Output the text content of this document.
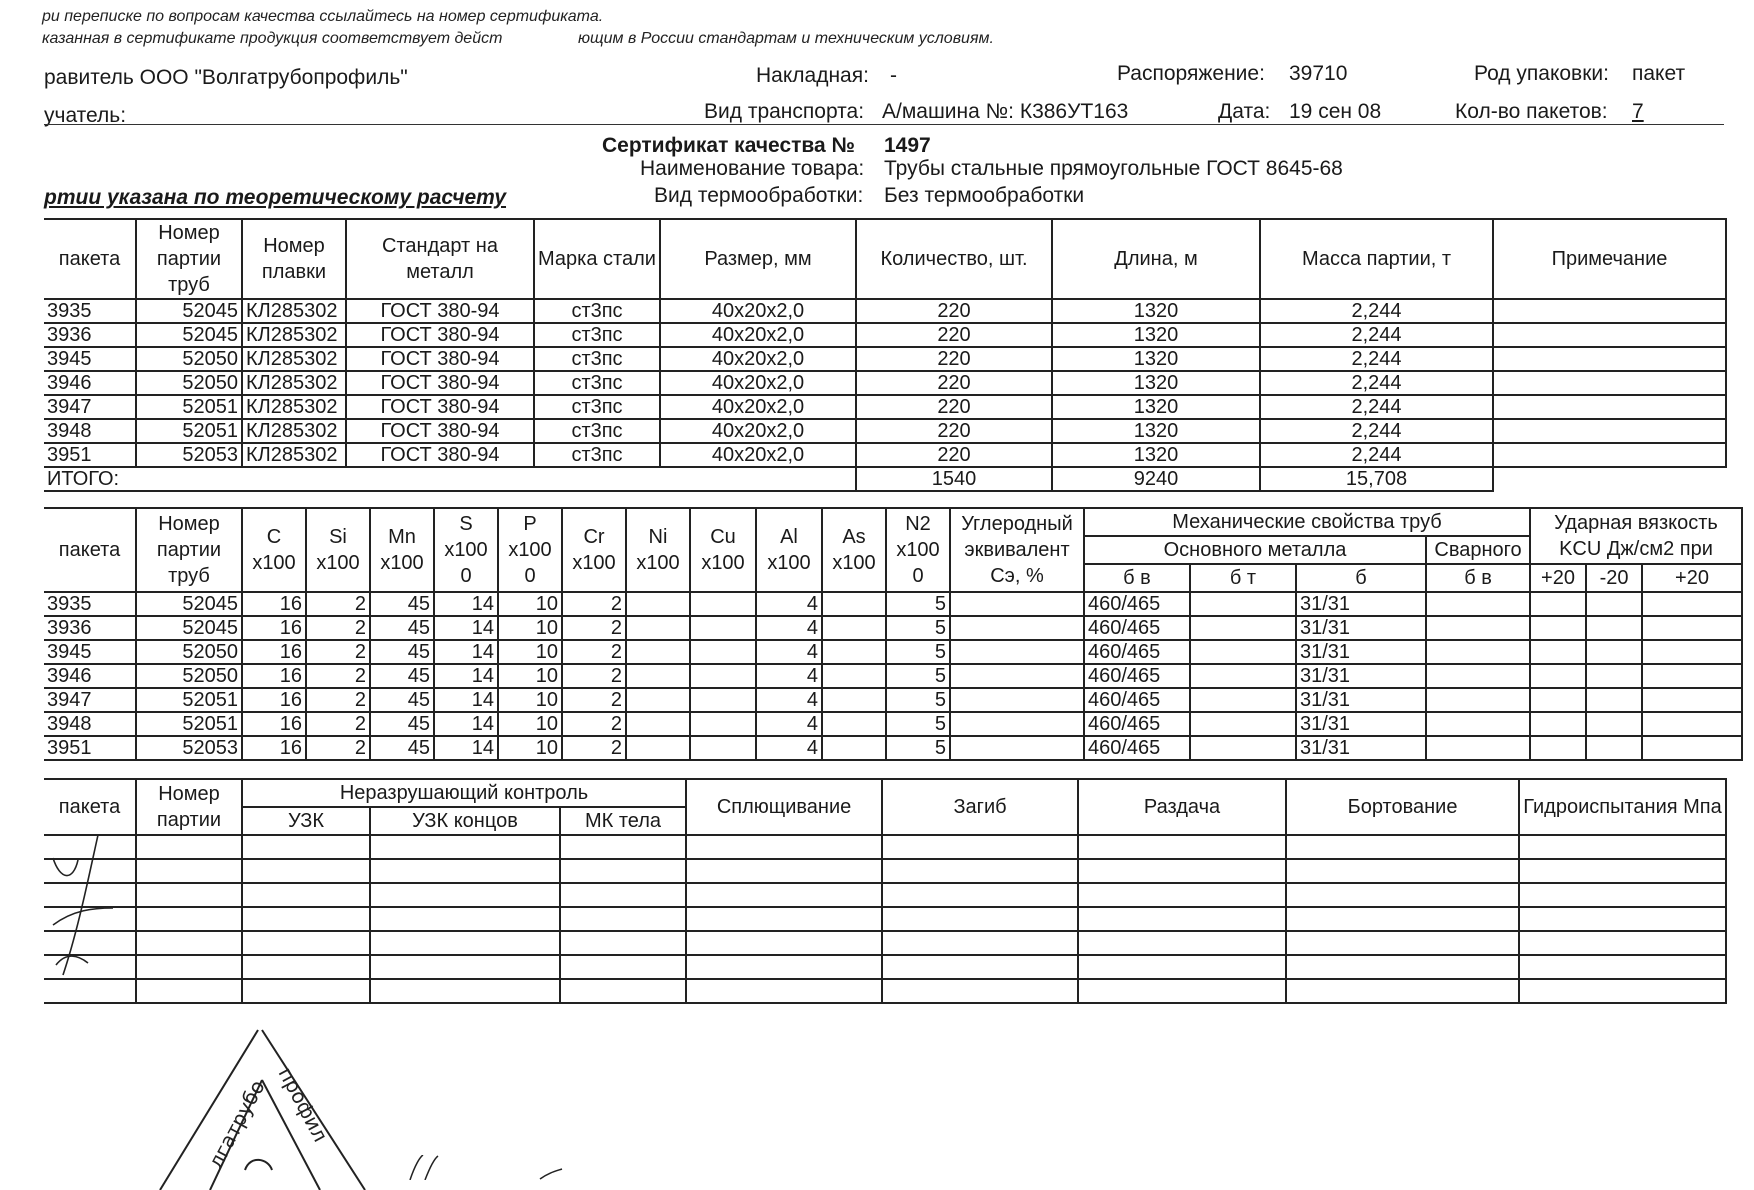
ри переписке по вопросам качества ссылайтесь на номер сертификата.
казанная в сертификате продукция соответствует дейст	ющим в России стандартам и техническим условиям.
равитель ООО "Волгатрубопрофиль"	Накладная: -	Распоряжение: 39710	Род упаковки: пакет
учатель:	Вид транспорта: А/машина №: К386УТ163	Дата: 19 сен 08	Кол-во пакетов: 7
Сертификат качества № 1497
Наименование товара: Трубы стальные прямоугольные ГОСТ 8645-68
Вид термообработки: Без термообработки
ртии указана по теоретическому расчету
пакета	Номер партии труб	Номер плавки	Стандарт на металл	Марка стали	Размер, мм	Количество, шт.	Длина, м	Масса партии, т	Примечание
3935	52045	КЛ285302	ГОСТ 380-94	ст3пс	40х20х2,0	220	1320	2,244	
3936	52045	КЛ285302	ГОСТ 380-94	ст3пс	40х20х2,0	220	1320	2,244	
3945	52050	КЛ285302	ГОСТ 380-94	ст3пс	40х20х2,0	220	1320	2,244	
3946	52050	КЛ285302	ГОСТ 380-94	ст3пс	40х20х2,0	220	1320	2,244	
3947	52051	КЛ285302	ГОСТ 380-94	ст3пс	40х20х2,0	220	1320	2,244	
3948	52051	КЛ285302	ГОСТ 380-94	ст3пс	40х20х2,0	220	1320	2,244	
3951	52053	КЛ285302	ГОСТ 380-94	ст3пс	40х20х2,0	220	1320	2,244	
ИТОГО:						1540	9240	15,708	
пакета	Номер партии труб	C х100	Si х100	Mn х100	S х100 0	P х100 0	Cr х100	Ni х100	Cu х100	Al х100	As х100	N2 х100 0	Углеродный эквивалент Cэ, %	Механические свойства труб				Ударная вязкость KCU Дж/см2 при		
														Основного металла			Сварного			
														б в	б т	б	б в	+20	-20	+20
3935	52045	16	2	45	14	10	2			4		5		460/465		31/31				
3936	52045	16	2	45	14	10	2			4		5		460/465		31/31				
3945	52050	16	2	45	14	10	2			4		5		460/465		31/31				
3946	52050	16	2	45	14	10	2			4		5		460/465		31/31				
3947	52051	16	2	45	14	10	2			4		5		460/465		31/31				
3948	52051	16	2	45	14	10	2			4		5		460/465		31/31				
3951	52053	16	2	45	14	10	2			4		5		460/465		31/31				
пакета	Номер партии	Неразрушающий контроль			Сплющивание	Загиб	Раздача	Бортование	Гидроиспытания Мпа
		УЗК	УЗК концов	МК тела					

лгатрубо профил
